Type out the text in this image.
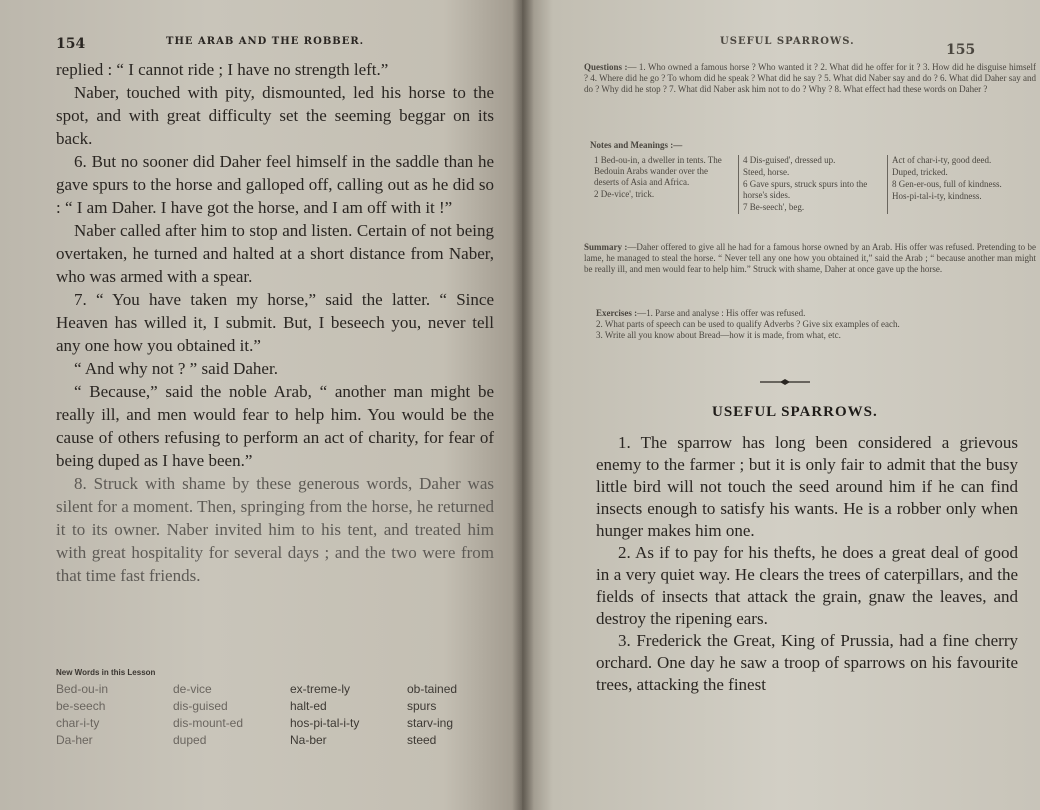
154	THE ARAB AND THE ROBBER.

replied : “ I cannot ride ; I have no strength left.”

Naber, touched with pity, dismounted, led his horse to the spot, and with great difficulty set the seeming beggar on its back.

6. But no sooner did Daher feel himself in the saddle than he gave spurs to the horse and galloped off, calling out as he did so : “ I am Daher. I have got the horse, and I am off with it !”

Naber called after him to stop and listen. Certain of not being overtaken, he turned and halted at a short distance from Naber, who was armed with a spear.

7. “ You have taken my horse,” said the latter. “ Since Heaven has willed it, I submit. But, I beseech you, never tell any one how you obtained it.”

“ And why not ? ” said Daher.

“ Because,” said the noble Arab, “ another man might be really ill, and men would fear to help him. You would be the cause of others refusing to perform an act of charity, for fear of being duped as I have been.”

8. Struck with shame by these generous words, Daher was silent for a moment. Then, springing from the horse, he returned it to its owner. Naber invited him to his tent, and treated him with great hospitality for several days ; and the two were from that time fast friends.

New Words in this Lesson
Bed-ou-in
be-seech
char-i-ty
Da-her
de-vice
dis-guised
dis-mount-ed
duped
ex-treme-ly
halt-ed
hos-pi-tal-i-ty
Na-ber
ob-tained
spurs
starv-ing
steed
USEFUL SPARROWS.
155
Questions :— 1. Who owned a famous horse ? Who wanted it ? 2. What did he offer for it ? 3. How did he disguise himself ? 4. Where did he go ? To whom did he speak ? What did he say ? 5. What did Naber say and do ? 6. What did Daher say and do ? Why did he stop ? 7. What did Naber ask him not to do ? Why ? 8. What effect had these words on Daher ?
Notes and Meanings :—
1 Bed-ou-in, a dweller in tents. The Bedouin Arabs wander over the deserts of Asia and Africa.
2 De-vice', trick.
4 Dis-guised', dressed up.
Steed, horse.
6 Gave spurs, struck spurs into the horse's sides.
7 Be-seech', beg.
Act of char-i-ty, good deed.
Duped, tricked.
8 Gen-er-ous, full of kindness.
Hos-pi-tal-i-ty, kindness.
Summary :—Daher offered to give all he had for a famous horse owned by an Arab. His offer was refused. Pretending to be lame, he managed to steal the horse. “ Never tell any one how you obtained it,” said the Arab ; “ because another man might be really ill, and men would fear to help him.” Struck with shame, Daher at once gave up the horse.
Exercises :—1. Parse and analyse : His offer was refused.
2. What parts of speech can be used to qualify Adverbs ? Give six examples of each.
3. Write all you know about Bread—how it is made, from what, etc.
USEFUL SPARROWS.

1. The sparrow has long been considered a grievous enemy to the farmer ; but it is only fair to admit that the busy little bird will not touch the seed around him if he can find insects enough to satisfy his wants. He is a robber only when hunger makes him one.

2. As if to pay for his thefts, he does a great deal of good in a very quiet way. He clears the trees of caterpillars, and the fields of insects that attack the grain, gnaw the leaves, and destroy the ripening ears.

3. Frederick the Great, King of Prussia, had a fine cherry orchard. One day he saw a troop of sparrows on his favourite trees, attacking the finest
